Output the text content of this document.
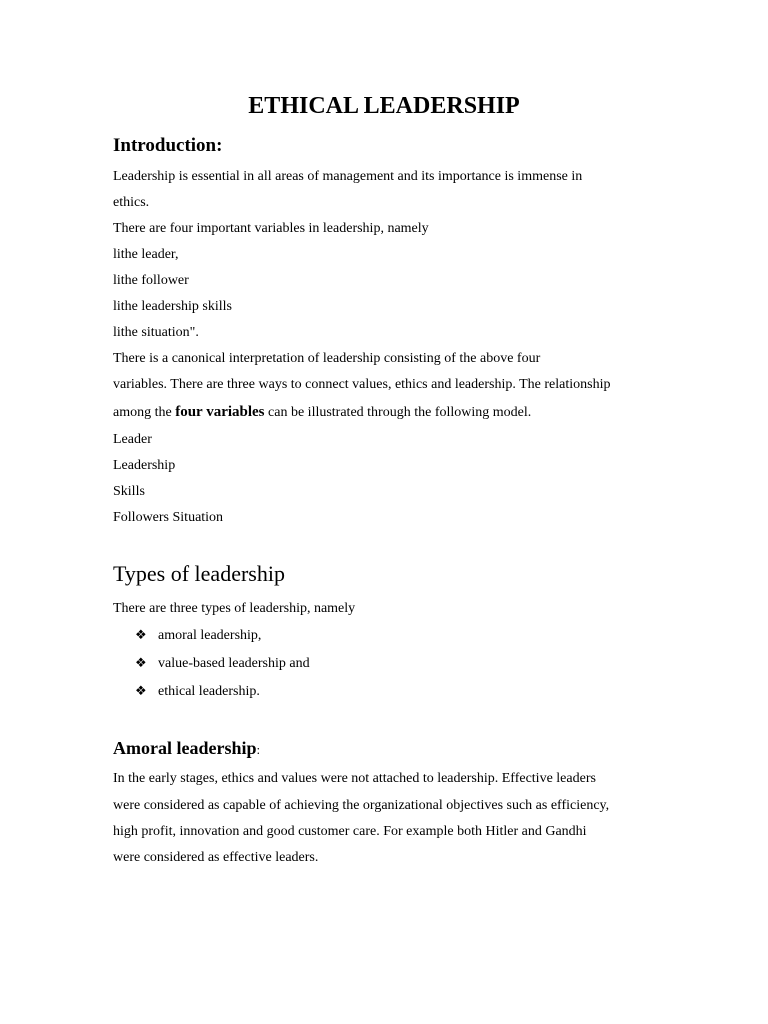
ETHICAL LEADERSHIP
Introduction:
Leadership is essential in all areas of management and its importance is immense in
ethics.
There are four important variables in leadership, namely
lithe leader,
lithe follower
lithe leadership skills
lithe situation".
There is a canonical interpretation of leadership consisting of the above four
variables. There are three ways to connect values, ethics and leadership. The relationship
among the four variables can be illustrated through the following model.
Leader
Leadership
Skills
Followers Situation
Types of leadership
There are three types of leadership, namely
❖ amoral leadership,
❖ value-based leadership and
❖ ethical leadership.
Amoral leadership:
In the early stages, ethics and values were not attached to leadership. Effective leaders
were considered as capable of achieving the organizational objectives such as efficiency,
high profit, innovation and good customer care. For example both Hitler and Gandhi
were considered as effective leaders.
